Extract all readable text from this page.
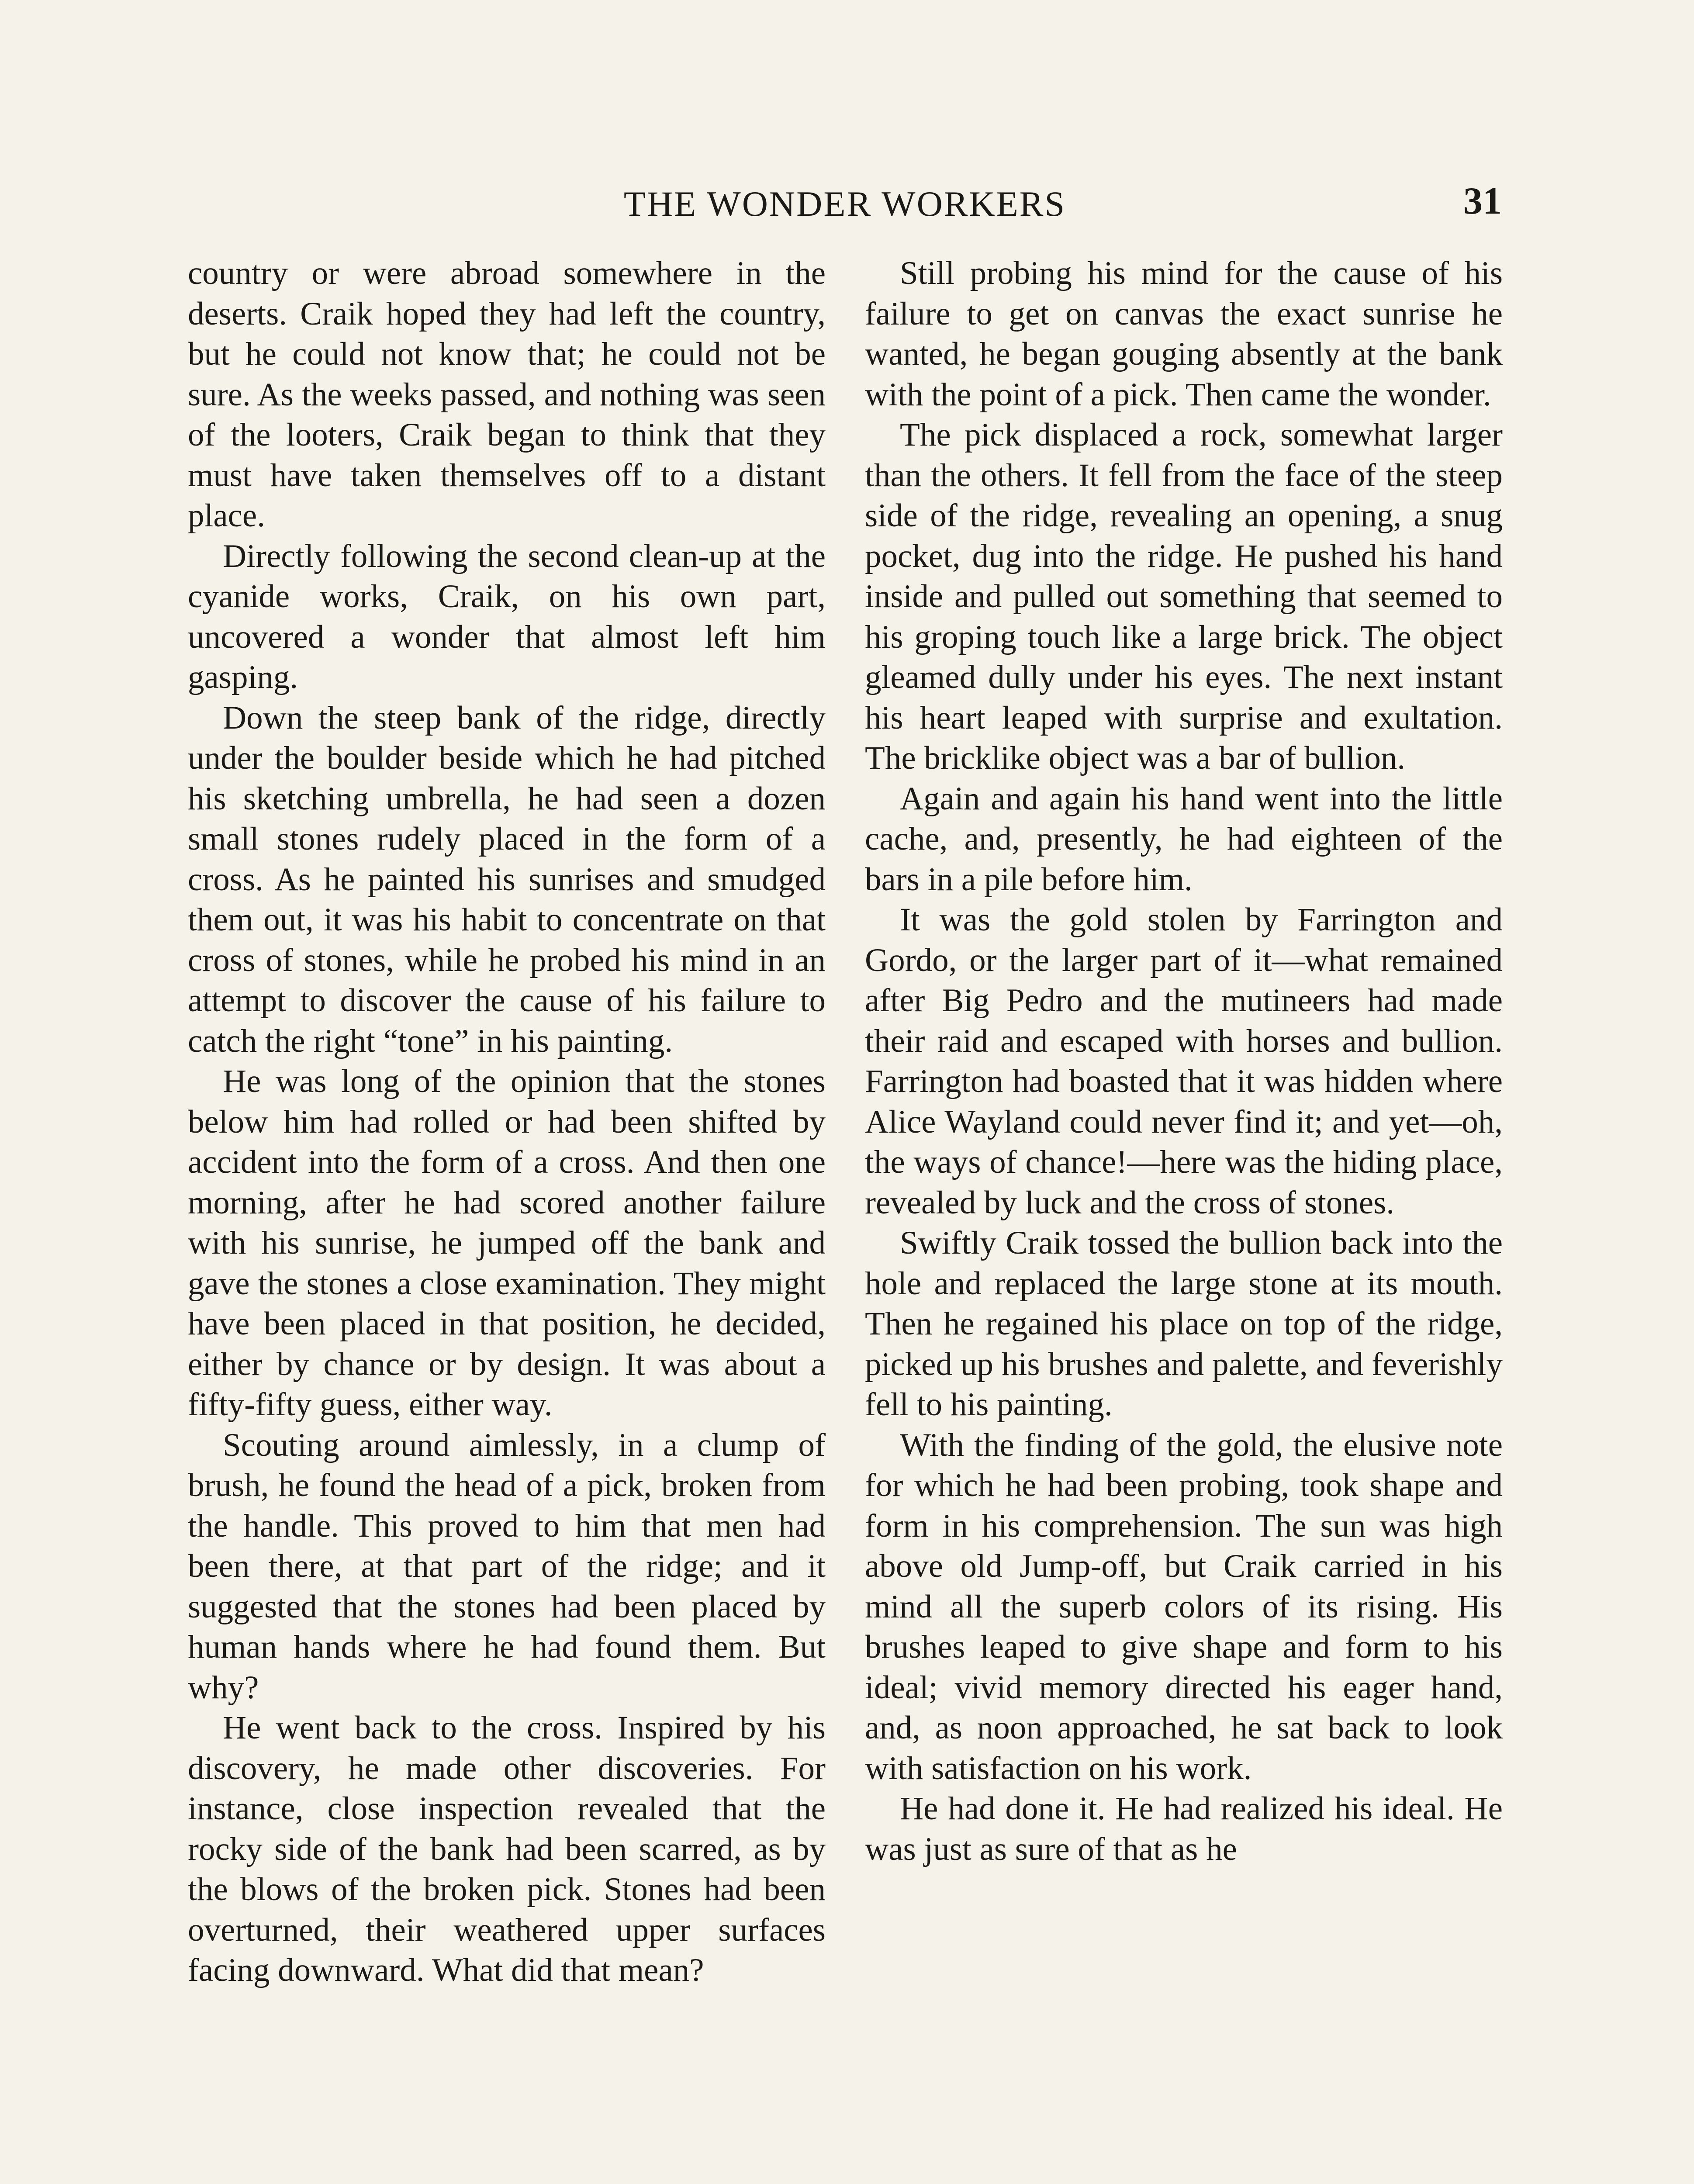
THE WONDER WORKERS	31

country or were abroad somewhere in the deserts. Craik hoped they had left the country, but he could not know that; he could not be sure. As the weeks passed, and nothing was seen of the looters, Craik began to think that they must have taken themselves off to a distant place.

Directly following the second clean-up at the cyanide works, Craik, on his own part, uncovered a wonder that almost left him gasping.

Down the steep bank of the ridge, directly under the boulder beside which he had pitched his sketching umbrella, he had seen a dozen small stones rudely placed in the form of a cross. As he painted his sunrises and smudged them out, it was his habit to concentrate on that cross of stones, while he probed his mind in an attempt to discover the cause of his failure to catch the right “tone” in his painting.

He was long of the opinion that the stones below him had rolled or had been shifted by accident into the form of a cross. And then one morning, after he had scored another failure with his sunrise, he jumped off the bank and gave the stones a close examination. They might have been placed in that position, he decided, either by chance or by design. It was about a fifty-fifty guess, either way.

Scouting around aimlessly, in a clump of brush, he found the head of a pick, broken from the handle. This proved to him that men had been there, at that part of the ridge; and it suggested that the stones had been placed by human hands where he had found them. But why?

He went back to the cross. Inspired by his discovery, he made other discoveries. For instance, close inspection revealed that the rocky side of the bank had been scarred, as by the blows of the broken pick. Stones had been overturned, their weathered upper surfaces facing downward. What did that mean?

Still probing his mind for the cause of his failure to get on canvas the exact sunrise he wanted, he began gouging absently at the bank with the point of a pick. Then came the wonder.

The pick displaced a rock, somewhat larger than the others. It fell from the face of the steep side of the ridge, revealing an opening, a snug pocket, dug into the ridge. He pushed his hand inside and pulled out something that seemed to his groping touch like a large brick. The object gleamed dully under his eyes. The next instant his heart leaped with surprise and exultation. The bricklike object was a bar of bullion.

Again and again his hand went into the little cache, and, presently, he had eighteen of the bars in a pile before him.

It was the gold stolen by Farrington and Gordo, or the larger part of it—what remained after Big Pedro and the mutineers had made their raid and escaped with horses and bullion. Farrington had boasted that it was hidden where Alice Wayland could never find it; and yet—oh, the ways of chance!—here was the hiding place, revealed by luck and the cross of stones.

Swiftly Craik tossed the bullion back into the hole and replaced the large stone at its mouth. Then he regained his place on top of the ridge, picked up his brushes and palette, and feverishly fell to his painting.

With the finding of the gold, the elusive note for which he had been probing, took shape and form in his comprehension. The sun was high above old Jump-off, but Craik carried in his mind all the superb colors of its rising. His brushes leaped to give shape and form to his ideal; vivid memory directed his eager hand, and, as noon approached, he sat back to look with satisfaction on his work.

He had done it. He had realized his ideal. He was just as sure of that as he
